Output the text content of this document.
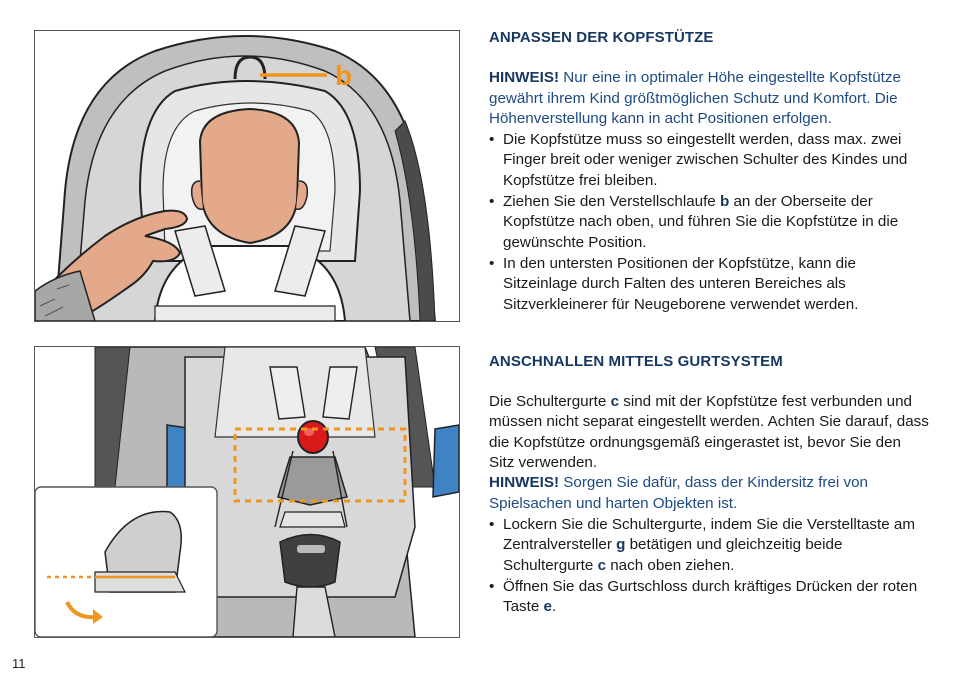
b
ANPASSEN DER KOPFSTÜTZE

HINWEIS! Nur eine in optimaler Höhe eingestellte Kopfstütze gewährt ihrem Kind größtmöglichen Schutz und Komfort. Die Höhenverstellung kann in acht Positionen erfolgen.

• Die Kopfstütze muss so eingestellt werden, dass max. zwei Finger breit oder weniger zwischen Schulter des Kindes und Kopfstütze frei bleiben.
• Ziehen Sie den Verstellschlaufe b an der Oberseite der Kopfstütze nach oben, und führen Sie die Kopfstütze in die gewünschte Position.
• In den untersten Positionen der Kopfstütze, kann die Sitzeinlage durch Falten des unteren Bereiches als Sitzverkleinerer für Neugeborene verwendet werden.
ANSCHNALLEN MITTELS GURTSYSTEM

Die Schultergurte c sind mit der Kopfstütze fest verbunden und müssen nicht separat eingestellt werden. Achten Sie darauf, dass die Kopfstütze ordnungsgemäß eingerastet ist, bevor Sie den Sitz verwenden.

HINWEIS! Sorgen Sie dafür, dass der Kindersitz frei von Spielsachen und harten Objekten ist.

• Lockern Sie die Schultergurte, indem Sie die Verstelltaste am Zentralversteller g betätigen und gleichzeitig beide Schultergurte c nach oben ziehen.
• Öffnen Sie das Gurtschloss durch kräftiges Drücken der roten Taste e.
11
